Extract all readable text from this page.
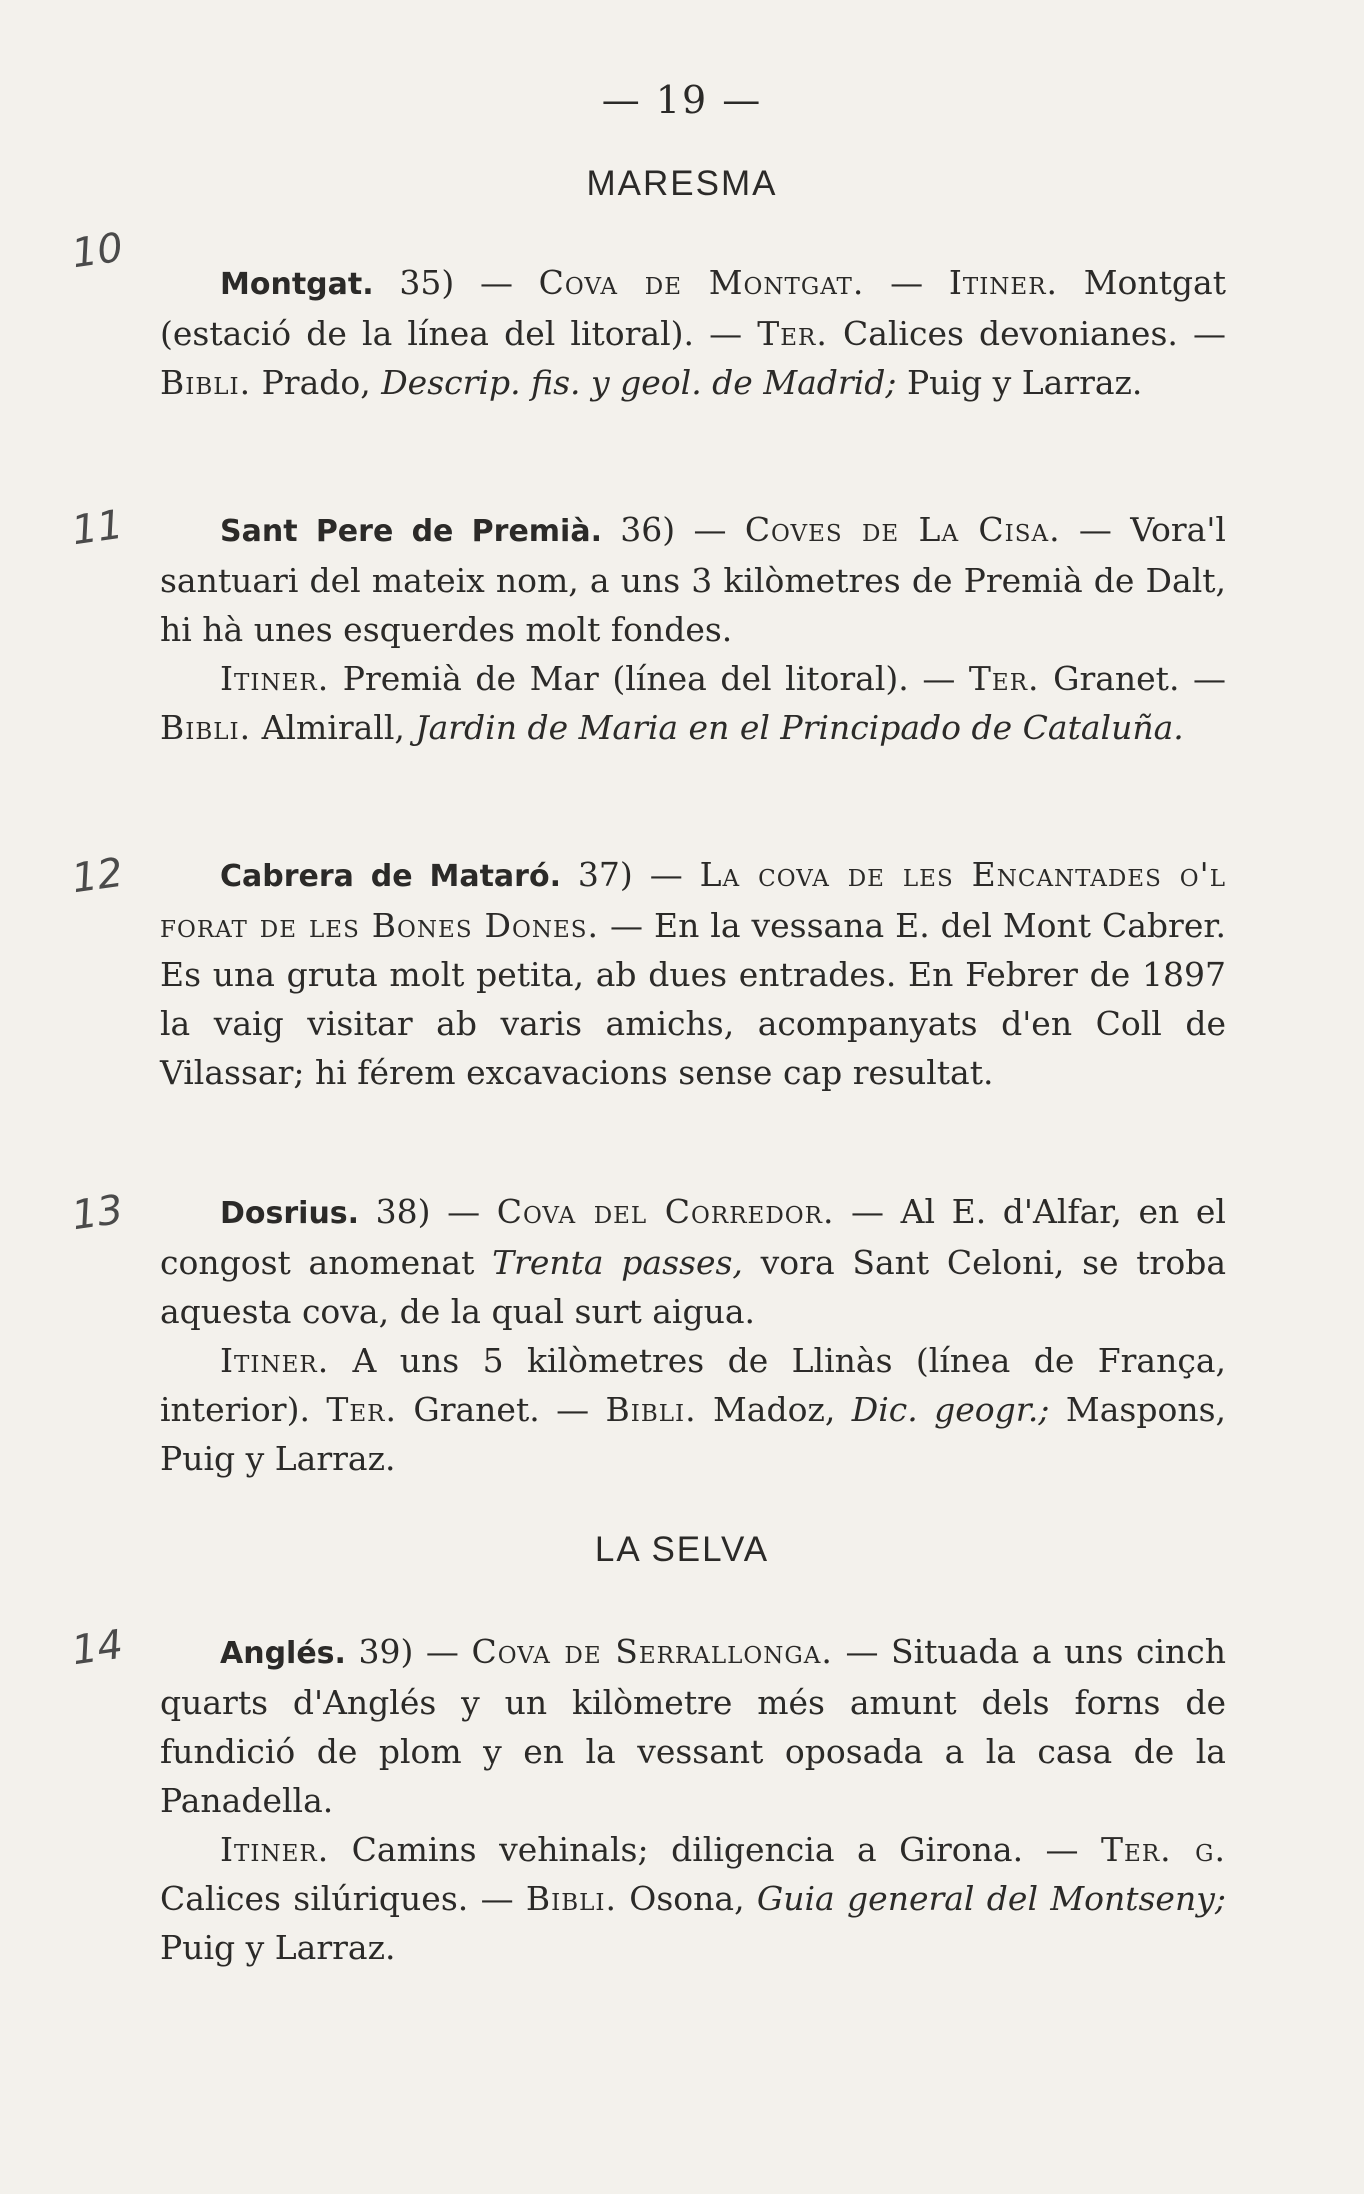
— 19 —
MARESMA
10

Montgat. 35) — Cova de Montgat. — Itiner. Montgat (estació de la línea del litoral). — Ter. Calices devonianes. — Bibli. Prado, Descrip. fis. y geol. de Madrid; Puig y Larraz.

11	Sant Pere de Premià. 36) — Coves de La Cisa. — Vora'l santuari del mateix nom, a uns 3 kilòmetres de Premià de Dalt, hi hà unes esquerdes molt fondes.

Itiner. Premià de Mar (línea del litoral). — Ter. Granet. — Bibli. Almirall, Jardin de Maria en el Principado de Cataluña.

12	Cabrera de Mataró. 37) — La cova de les Encantades o'l forat de les Bones Dones. — En la vessana E. del Mont Cabrer. Es una gruta molt petita, ab dues entrades. En Febrer de 1897 la vaig visitar ab varis amichs, acompanyats d'en Coll de Vilassar; hi férem excavacions sense cap resultat.

13	Dosrius. 38) — Cova del Corredor. — Al E. d'Alfar, en el congost anomenat Trenta passes, vora Sant Celoni, se troba aquesta cova, de la qual surt aigua.

Itiner. A uns 5 kilòmetres de Llinàs (línea de França, interior). Ter. Granet. — Bibli. Madoz, Dic. geogr.; Maspons, Puig y Larraz.

LA SELVA
14	Anglés. 39) — Cova de Serrallonga. — Situada a uns cinch quarts d'Anglés y un kilòmetre més amunt dels forns de fundició de plom y en la vessant oposada a la casa de la Panadella.

Itiner. Camins vehinals; diligencia a Girona. — Ter. g. Calices silúriques. — Bibli. Osona, Guia general del Montseny; Puig y Larraz.
